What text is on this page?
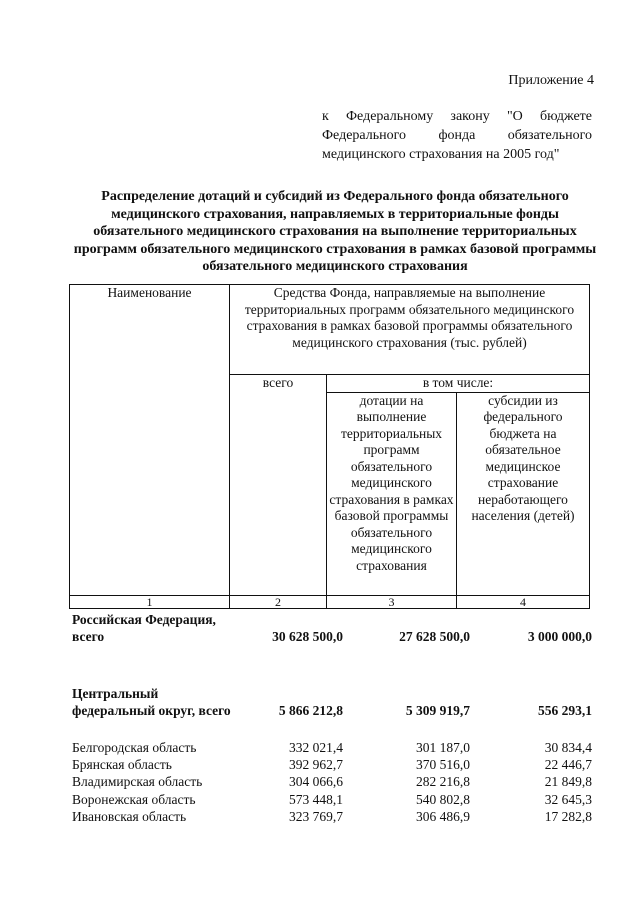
Приложение 4
к Федеральному закону "О бюджете Федерального фонда обязательного медицинского страхования на 2005 год"
Распределение дотаций и субсидий из Федерального фонда обязательного медицинского страхования, направляемых в территориальные фонды обязательного медицинского страхования на выполнение территориальных программ обязательного медицинского страхования в рамках базовой программы обязательного медицинского страхования
Наименование	Средства Фонда, направляемые на выполнение территориальных программ обязательного медицинского страхования в рамках базовой программы обязательного медицинского страхования (тыс. рублей)		
	всего	в том числе:	
		дотации на выполнение территориальных программ обязательного медицинского страхования в рамках базовой программы обязательного медицинского страхования	субсидии из федерального бюджета на обязательное медицинское страхование неработающего населения (детей)
1	2	3	4
Российская Федерация, всего	30 628 500,0	27 628 500,0	3 000 000,0
Центральный федеральный округ, всего	5 866 212,8	5 309 919,7	556 293,1
Белгородская область	332 021,4	301 187,0	30 834,4
Брянская область	392 962,7	370 516,0	22 446,7
Владимирская область	304 066,6	282 216,8	21 849,8
Воронежская область	573 448,1	540 802,8	32 645,3
Ивановская область	323 769,7	306 486,9	17 282,8
